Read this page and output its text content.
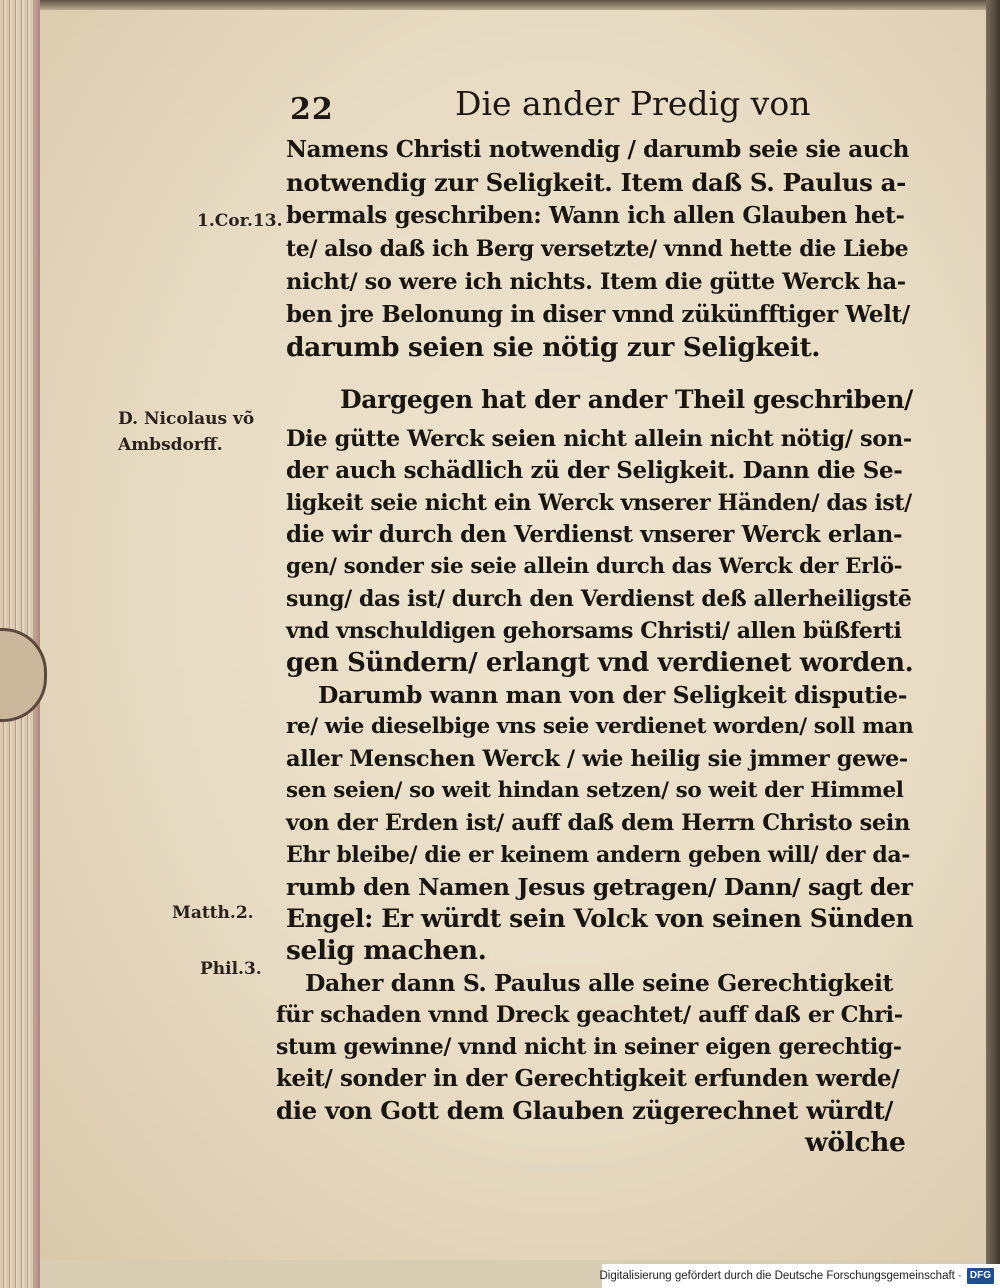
22	Die ander Predig von
Namens Christi notwendig / darumb seie sie auch
notwendig zur Seligkeit. Item daß S. Paulus a-
bermals geschriben: Wann ich allen Glauben het-
te/ also daß ich Berg versetzte/ vnnd hette die Liebe
nicht/ so were ich nichts. Item die gütte Werck ha-
ben jre Belonung in diser vnnd zükünfftiger Welt/
darumb seien sie nötig zur Seligkeit.
Dargegen hat der ander Theil geschriben/
Die gütte Werck seien nicht allein nicht nötig/ son-
der auch schädlich zü der Seligkeit. Dann die Se-
ligkeit seie nicht ein Werck vnserer Händen/ das ist/
die wir durch den Verdienst vnserer Werck erlan-
gen/ sonder sie seie allein durch das Werck der Erlö-
sung/ das ist/ durch den Verdienst deß allerheiligstē
vnd vnschuldigen gehorsams Christi/ allen büßferti
gen Sündern/ erlangt vnd verdienet worden.
Darumb wann man von der Seligkeit disputie-
re/ wie dieselbige vns seie verdienet worden/ soll man
aller Menschen Werck / wie heilig sie jmmer gewe-
sen seien/ so weit hindan setzen/ so weit der Himmel
von der Erden ist/ auff daß dem Herrn Christo sein
Ehr bleibe/ die er keinem andern geben will/ der da-
rumb den Namen Jesus getragen/ Dann/ sagt der
Engel: Er würdt sein Volck von seinen Sünden
selig machen.
Daher dann S. Paulus alle seine Gerechtigkeit
für schaden vnnd Dreck geachtet/ auff daß er Chri-
stum gewinne/ vnnd nicht in seiner eigen gerechtig-
keit/ sonder in der Gerechtigkeit erfunden werde/
die von Gott dem Glauben zügerechnet würdt/
wölche
1.Cor.13.
D. Nicolaus võ
Ambsdorff.
Matth.2.
Phil.3.
Digitalisierung gefördert durch die Deutsche Forschungsgemeinschaft · DFG
